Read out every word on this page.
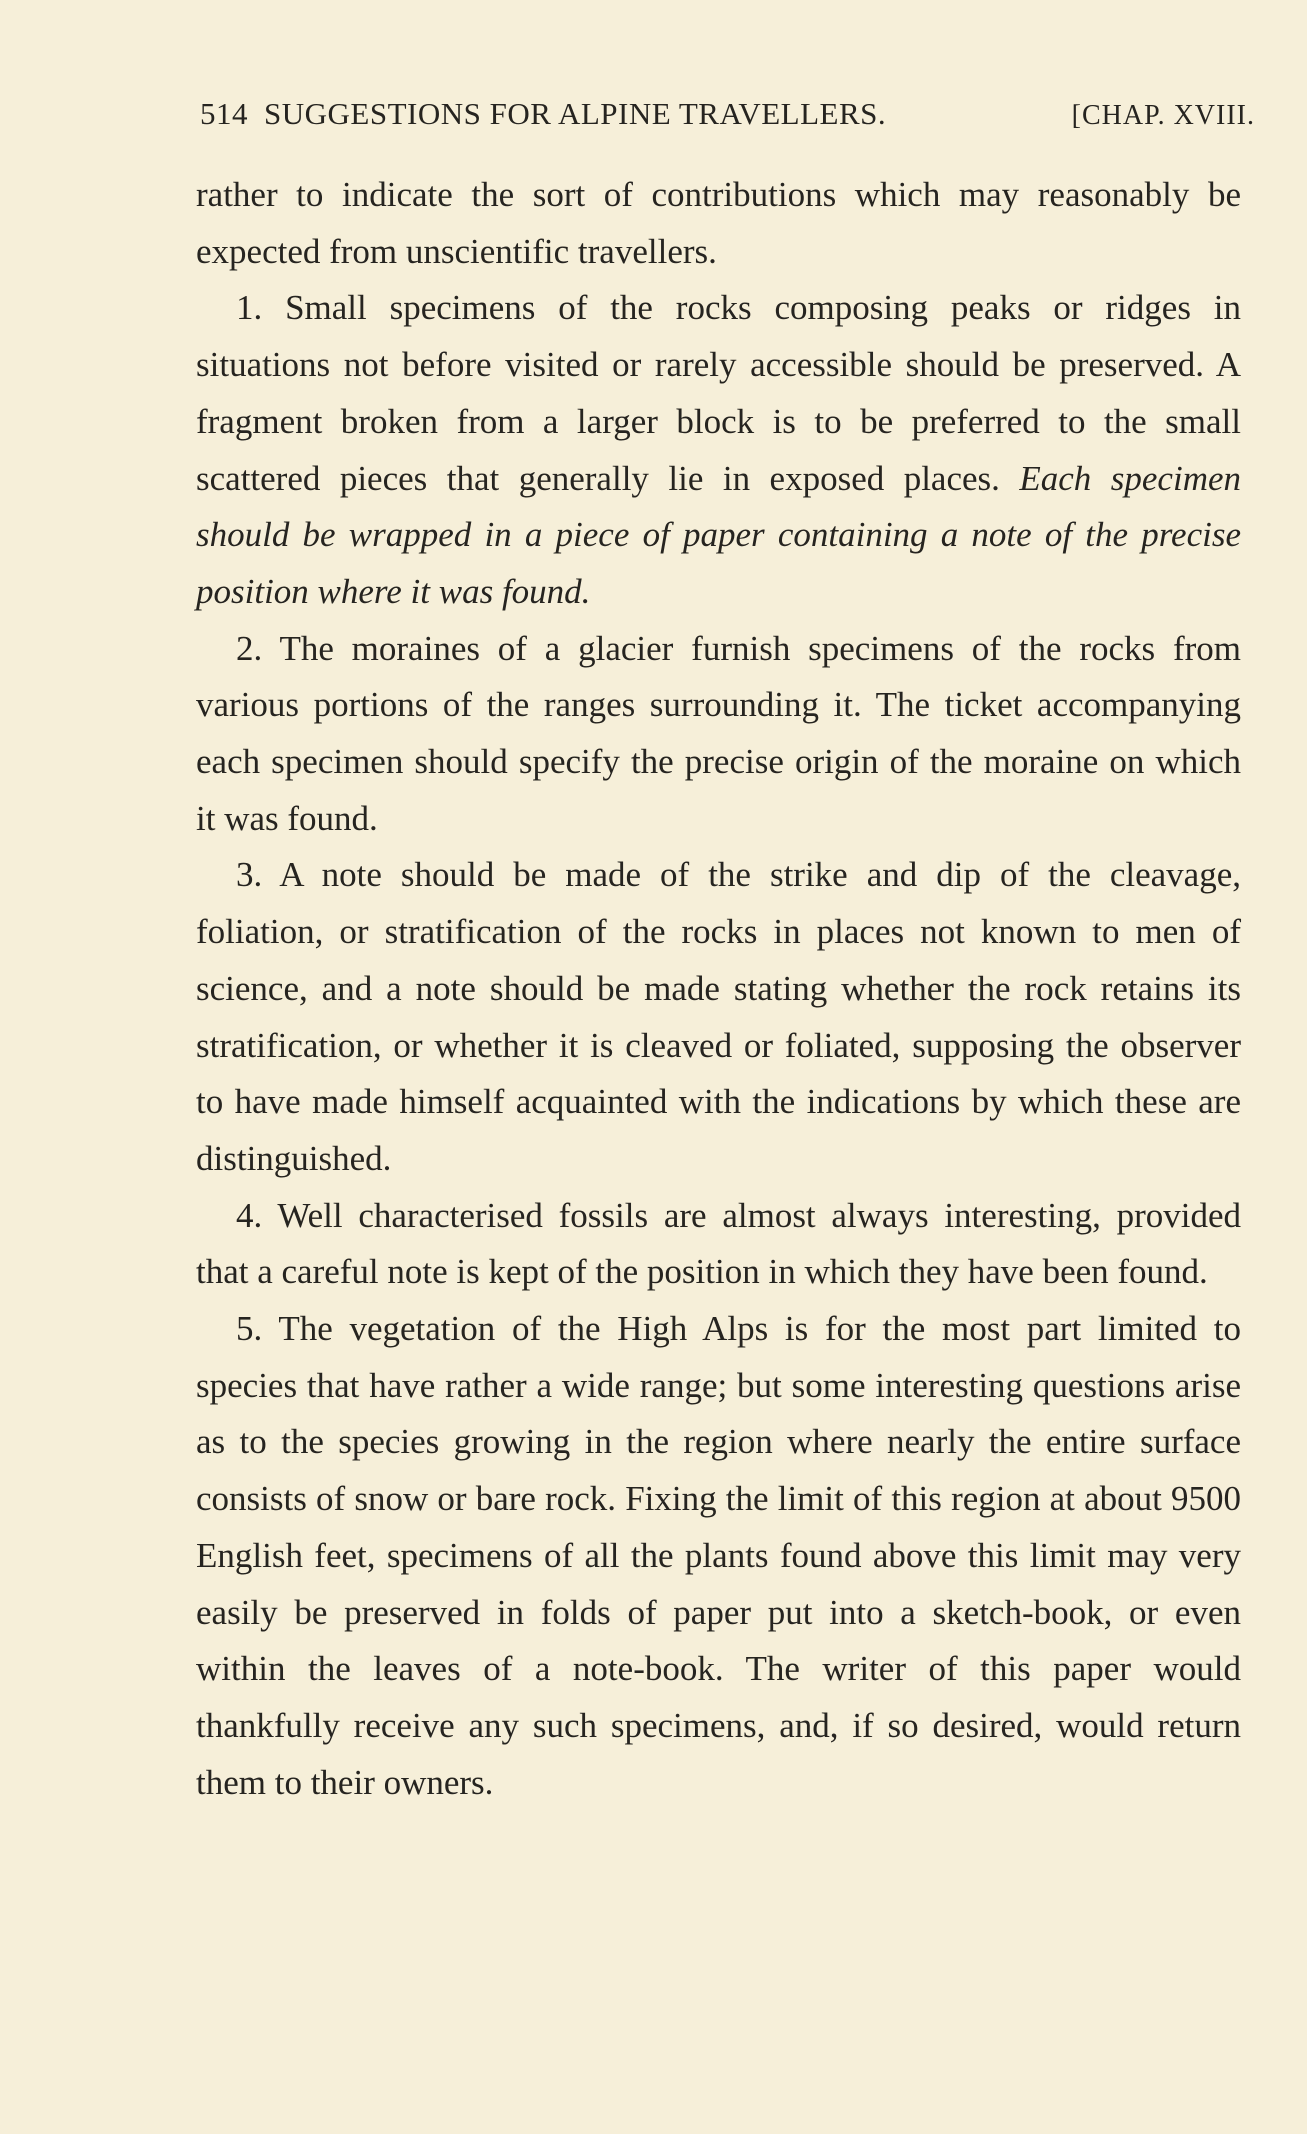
514 SUGGESTIONS FOR ALPINE TRAVELLERS.	[CHAP. XVIII.

rather to indicate the sort of contributions which may reasonably be expected from unscientific travellers.

1. Small specimens of the rocks composing peaks or ridges in situations not before visited or rarely accessible should be preserved. A fragment broken from a larger block is to be preferred to the small scattered pieces that generally lie in exposed places. Each specimen should be wrapped in a piece of paper containing a note of the precise position where it was found.

2. The moraines of a glacier furnish specimens of the rocks from various portions of the ranges surrounding it. The ticket accompanying each specimen should specify the precise origin of the moraine on which it was found.

3. A note should be made of the strike and dip of the cleavage, foliation, or stratification of the rocks in places not known to men of science, and a note should be made stating whether the rock retains its stratification, or whether it is cleaved or foliated, supposing the observer to have made himself acquainted with the indications by which these are distinguished.

4. Well characterised fossils are almost always interesting, provided that a careful note is kept of the position in which they have been found.

5. The vegetation of the High Alps is for the most part limited to species that have rather a wide range; but some interesting questions arise as to the species growing in the region where nearly the entire surface consists of snow or bare rock. Fixing the limit of this region at about 9500 English feet, specimens of all the plants found above this limit may very easily be preserved in folds of paper put into a sketch-book, or even within the leaves of a note-book. The writer of this paper would thankfully receive any such specimens, and, if so desired, would return them to their owners.
